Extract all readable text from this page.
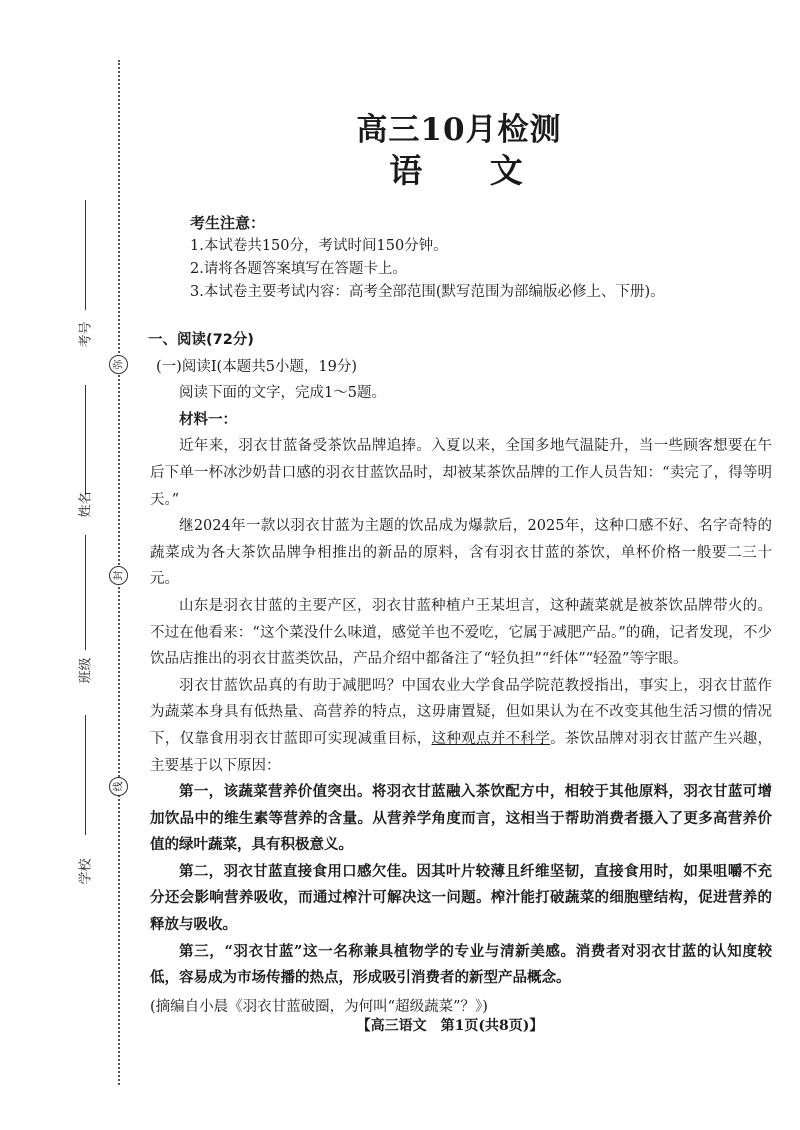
考号
姓名
班级
学校
弥
封
线
高三10月检测
语 文
考生注意：
1.本试卷共150分，考试时间150分钟。
2.请将各题答案填写在答题卡上。
3.本试卷主要考试内容：高考全部范围(默写范围为部编版必修上、下册)。

一、阅读(72分)

(一)阅读Ⅰ(本题共5小题，19分)

阅读下面的文字，完成1～5题。

材料一：

近年来，羽衣甘蓝备受茶饮品牌追捧。入夏以来，全国多地气温陡升，当一些顾客想要在午后下单一杯冰沙奶昔口感的羽衣甘蓝饮品时，却被某茶饮品牌的工作人员告知：“卖完了，得等明天。”

继2024年一款以羽衣甘蓝为主题的饮品成为爆款后，2025年，这种口感不好、名字奇特的蔬菜成为各大茶饮品牌争相推出的新品的原料，含有羽衣甘蓝的茶饮，单杯价格一般要二三十元。

山东是羽衣甘蓝的主要产区，羽衣甘蓝种植户王某坦言，这种蔬菜就是被茶饮品牌带火的。不过在他看来：“这个菜没什么味道，感觉羊也不爱吃，它属于减肥产品。”的确，记者发现，不少饮品店推出的羽衣甘蓝类饮品，产品介绍中都备注了“轻负担”“纤体”“轻盈”等字眼。

羽衣甘蓝饮品真的有助于减肥吗？中国农业大学食品学院范教授指出，事实上，羽衣甘蓝作为蔬菜本身具有低热量、高营养的特点，这毋庸置疑，但如果认为在不改变其他生活习惯的情况下，仅靠食用羽衣甘蓝即可实现减重目标，这种观点并不科学。茶饮品牌对羽衣甘蓝产生兴趣，主要基于以下原因：

第一，该蔬菜营养价值突出。将羽衣甘蓝融入茶饮配方中，相较于其他原料，羽衣甘蓝可增加饮品中的维生素等营养的含量。从营养学角度而言，这相当于帮助消费者摄入了更多高营养价值的绿叶蔬菜，具有积极意义。

第二，羽衣甘蓝直接食用口感欠佳。因其叶片较薄且纤维坚韧，直接食用时，如果咀嚼不充分还会影响营养吸收，而通过榨汁可解决这一问题。榨汁能打破蔬菜的细胞壁结构，促进营养的释放与吸收。

第三，“羽衣甘蓝”这一名称兼具植物学的专业与清新美感。消费者对羽衣甘蓝的认知度较低，容易成为市场传播的热点，形成吸引消费者的新型产品概念。

(摘编自小晨《羽衣甘蓝破圈，为何叫“超级蔬菜”？》)

【高三语文　第1页(共8页)】
